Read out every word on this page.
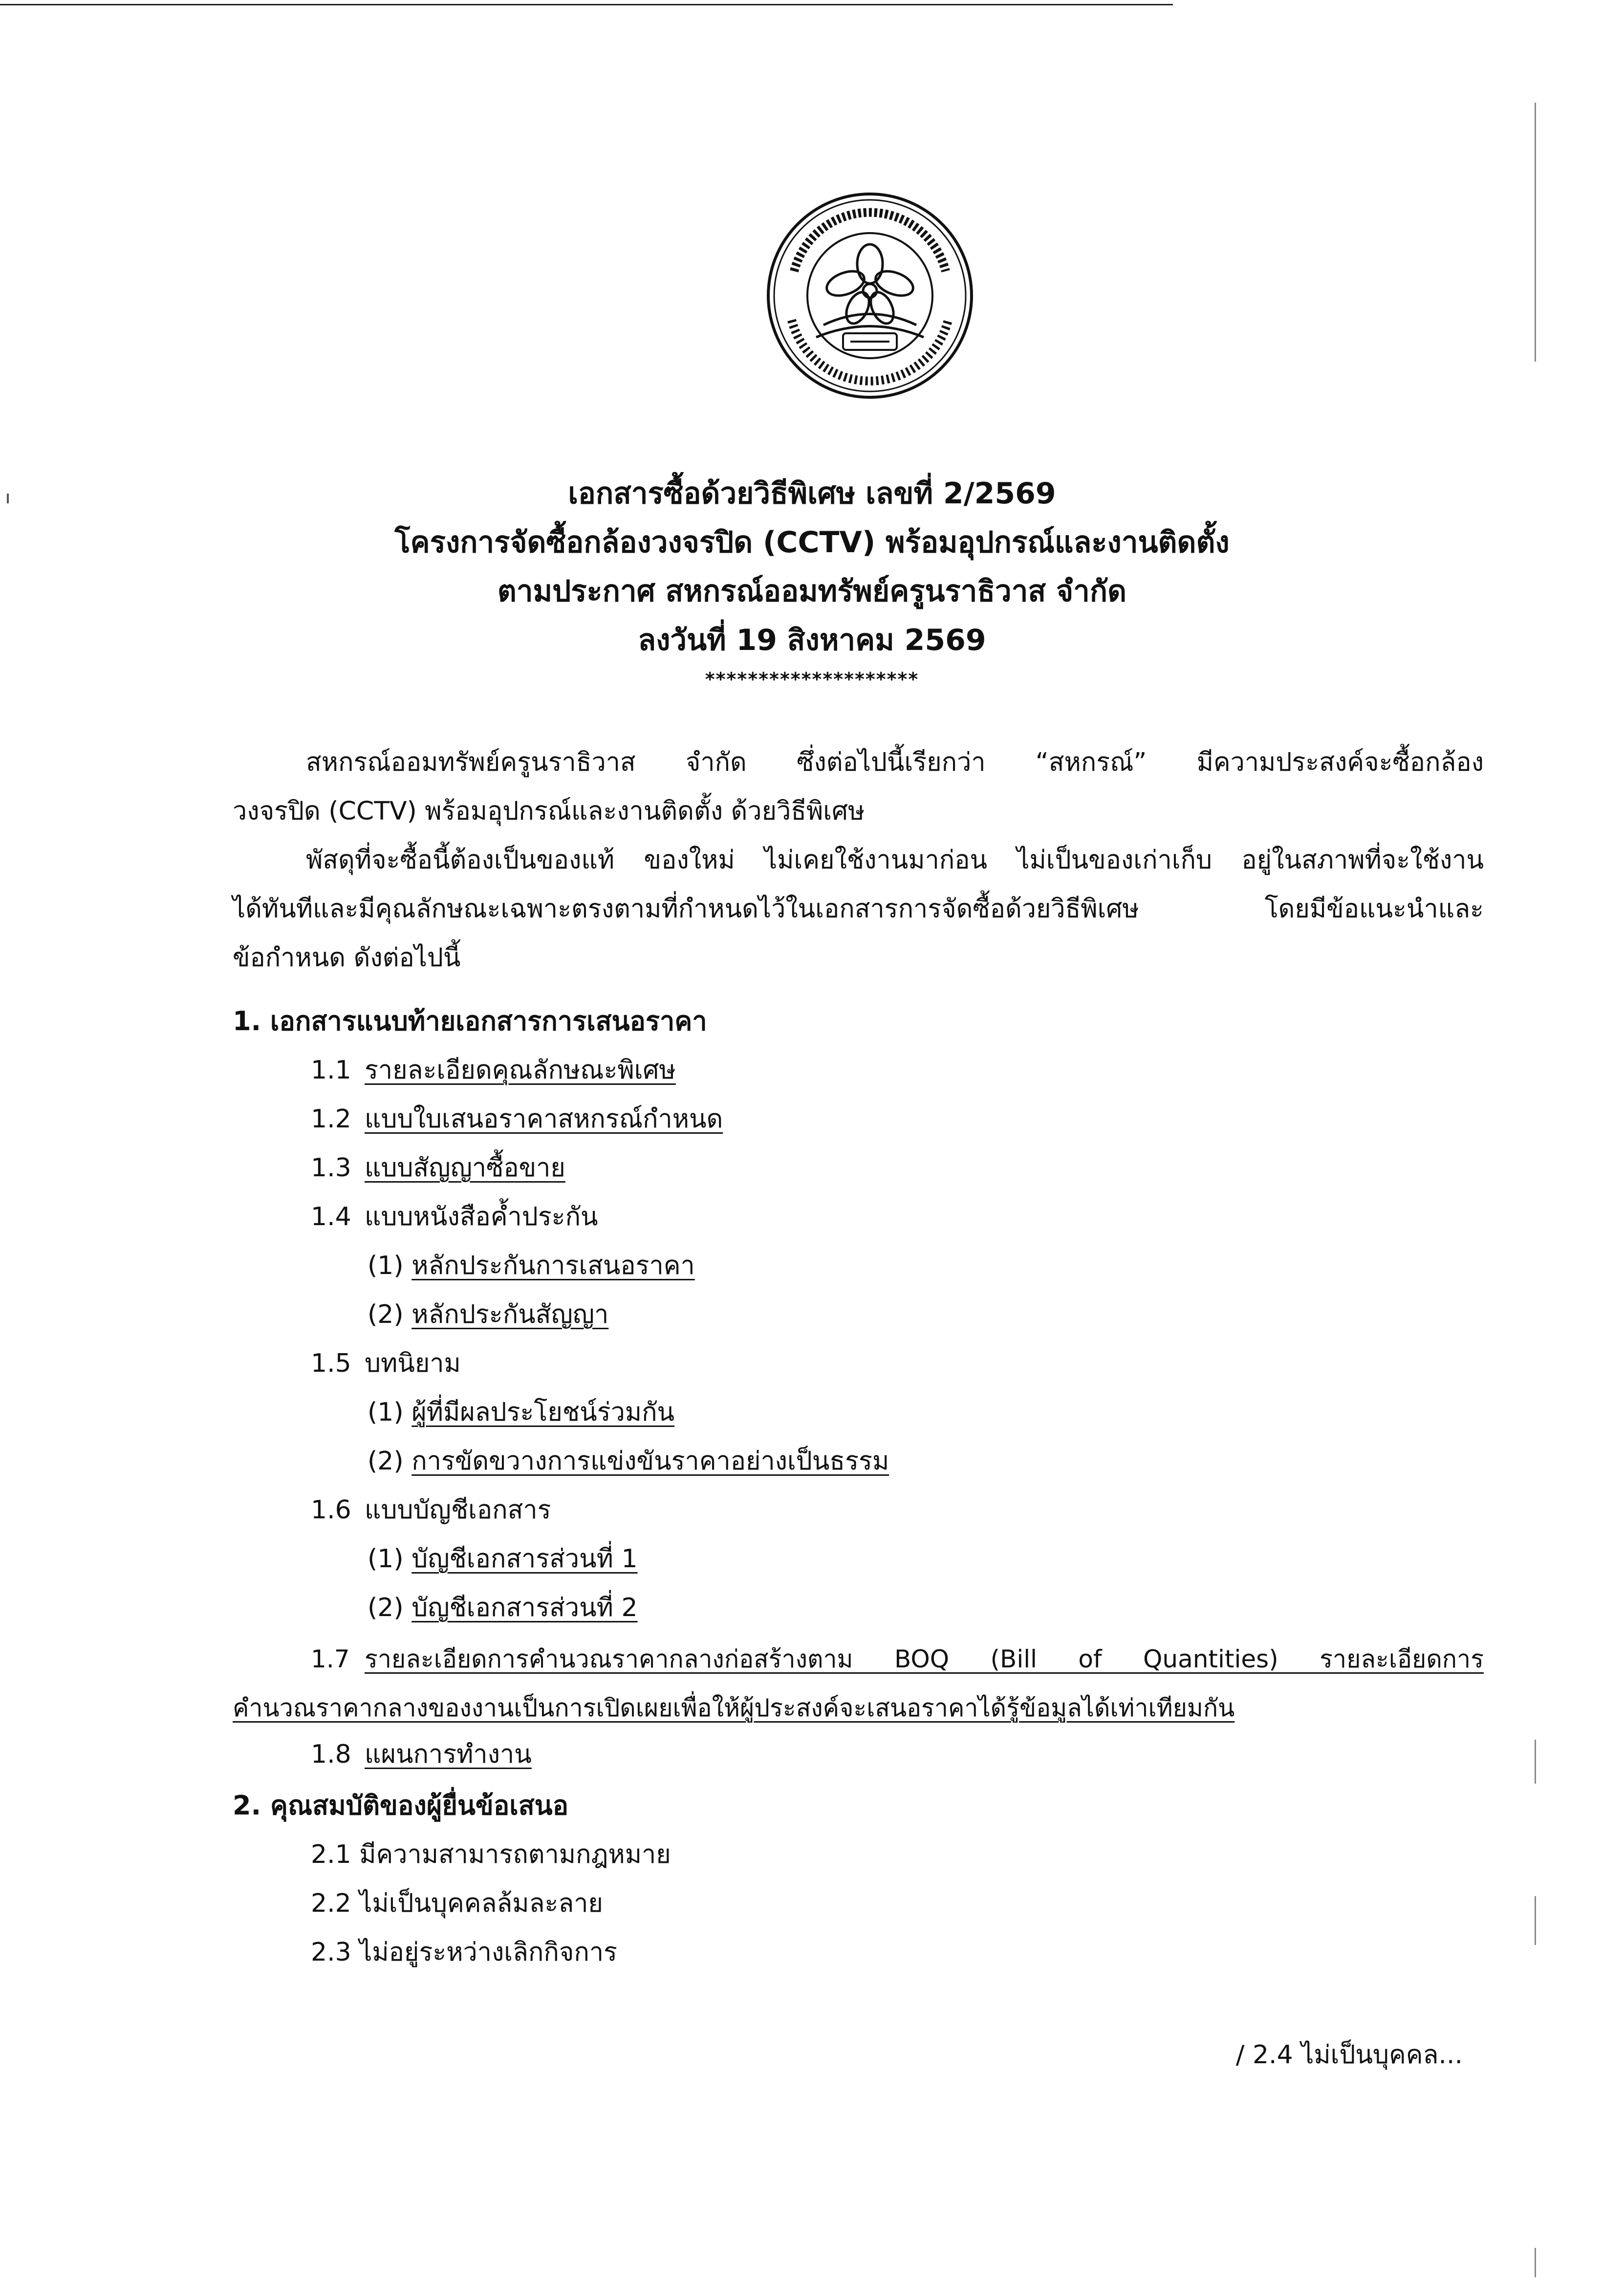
เอกสารซื้อด้วยวิธีพิเศษ เลขที่ 2/2569
โครงการจัดซื้อกล้องวงจรปิด (CCTV) พร้อมอุปกรณ์และงานติดตั้ง
ตามประกาศ สหกรณ์ออมทรัพย์ครูนราธิวาส จำกัด
ลงวันที่ 19 สิงหาคม 2569
********************
สหกรณ์ออมทรัพย์ครูนราธิวาส จำกัด ซึ่งต่อไปนี้เรียกว่า “สหกรณ์” มีความประสงค์จะซื้อกล้อง
วงจรปิด (CCTV) พร้อมอุปกรณ์และงานติดตั้ง ด้วยวิธีพิเศษ
พัสดุที่จะซื้อนี้ต้องเป็นของแท้ ของใหม่ ไม่เคยใช้งานมาก่อน ไม่เป็นของเก่าเก็บ อยู่ในสภาพที่จะใช้งาน
ได้ทันทีและมีคุณลักษณะเฉพาะตรงตามที่กำหนดไว้ในเอกสารการจัดซื้อด้วยวิธีพิเศษ โดยมีข้อแนะนำและ
ข้อกำหนด ดังต่อไปนี้
1. เอกสารแนบท้ายเอกสารการเสนอราคา
1.1 รายละเอียดคุณลักษณะพิเศษ
1.2 แบบใบเสนอราคาสหกรณ์กำหนด
1.3 แบบสัญญาซื้อขาย
1.4 แบบหนังสือค้ำประกัน
(1) หลักประกันการเสนอราคา
(2) หลักประกันสัญญา
1.5 บทนิยาม
(1) ผู้ที่มีผลประโยชน์ร่วมกัน
(2) การขัดขวางการแข่งขันราคาอย่างเป็นธรรม
1.6 แบบบัญชีเอกสาร
(1) บัญชีเอกสารส่วนที่ 1
(2) บัญชีเอกสารส่วนที่ 2
1.7 รายละเอียดการคำนวณราคากลางก่อสร้างตาม BOQ (Bill of Quantities) รายละเอียดการ
คำนวณราคากลางของงานเป็นการเปิดเผยเพื่อให้ผู้ประสงค์จะเสนอราคาได้รู้ข้อมูลได้เท่าเทียมกัน
1.8 แผนการทำงาน
2. คุณสมบัติของผู้ยื่นข้อเสนอ
2.1 มีความสามารถตามกฎหมาย
2.2 ไม่เป็นบุคคลล้มละลาย
2.3 ไม่อยู่ระหว่างเลิกกิจการ
/ 2.4 ไม่เป็นบุคคล...
